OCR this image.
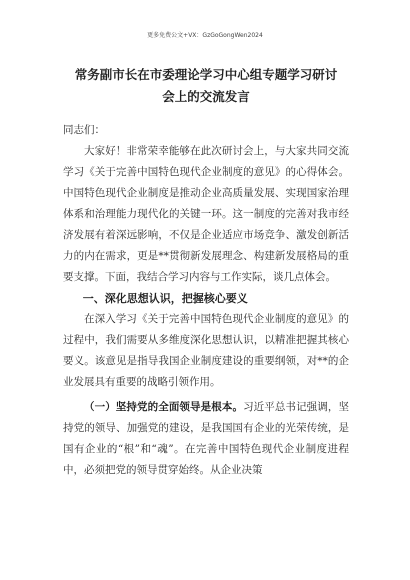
更多免费公文+VX：GzGoGongWen2024
常务副市长在市委理论学习中心组专题学习研讨会上的交流发言

同志们：

大家好！非常荣幸能够在此次研讨会上，与大家共同交流学习《关于完善中国特色现代企业制度的意见》的心得体会。中国特色现代企业制度是推动企业高质量发展、实现国家治理体系和治理能力现代化的关键一环。这一制度的完善对我市经济发展有着深远影响，不仅是企业适应市场竞争、激发创新活力的内在需求，更是**贯彻新发展理念、构建新发展格局的重要支撑。下面，我结合学习内容与工作实际，谈几点体会。

一、深化思想认识，把握核心要义

在深入学习《关于完善中国特色现代企业制度的意见》的过程中，我们需要从多维度深化思想认识，以精准把握其核心要义。该意见是指导我国企业制度建设的重要纲领，对**的企业发展具有重要的战略引领作用。

（一）坚持党的全面领导是根本。习近平总书记强调，坚持党的领导、加强党的建设，是我国国有企业的光荣传统，是国有企业的“根”和“魂”。在完善中国特色现代企业制度进程中，必须把党的领导贯穿始终。从企业决策
